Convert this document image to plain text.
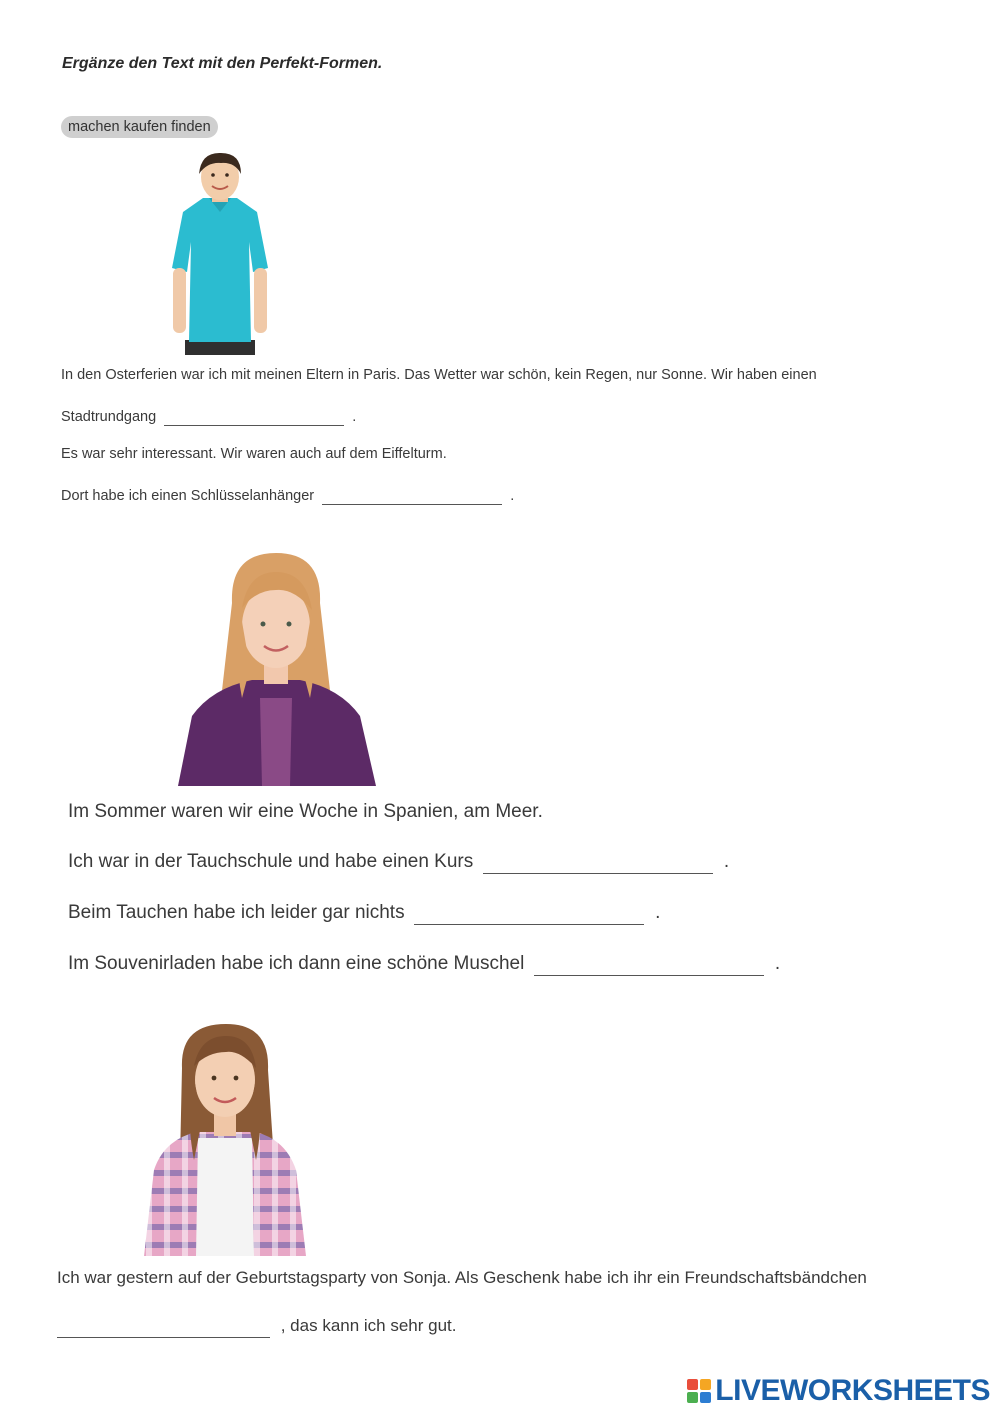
Ergänze den Text mit den Perfekt-Formen.
machen kaufen finden
In den Osterferien war ich mit meinen Eltern in Paris. Das Wetter war schön, kein Regen, nur Sonne. Wir haben einen
Stadtrundgang	.
Es war sehr interessant. Wir waren auch auf dem Eiffelturm.
Dort habe ich einen Schlüsselanhänger	.
Im Sommer waren wir eine Woche in Spanien, am Meer.
Ich war in der Tauchschule und habe einen Kurs	.
Beim Tauchen habe ich leider gar nichts	.
Im Souvenirladen habe ich dann eine schöne Muschel	.
Ich war gestern auf der Geburtstagsparty von Sonja. Als Geschenk habe ich ihr ein Freundschaftsbändchen
, das kann ich sehr gut.
LIVEWORKSHEETS
